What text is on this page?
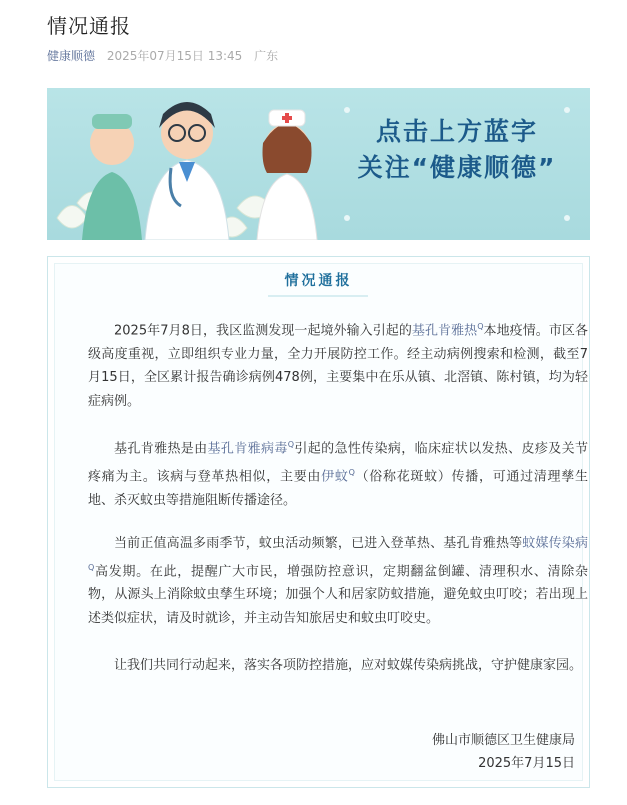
情况通报
健康顺德 2025年07月15日 13:45 广东
点击上方蓝字
关注“健康顺德”
情况通报
2025年7月8日，我区监测发现一起境外输入引起的基孔肯雅热$^Q$本地疫情。市区各级高度重视，立即组织专业力量，全力开展防控工作。经主动病例搜索和检测，截至7月15日，全区累计报告确诊病例478例，主要集中在乐从镇、北滘镇、陈村镇，均为轻症病例。
基孔肯雅热是由基孔肯雅病毒$^Q$引起的急性传染病，临床症状以发热、皮疹及关节疼痛为主。该病与登革热相似，主要由伊蚊$^Q$（俗称花斑蚊）传播，可通过清理孳生地、杀灭蚊虫等措施阻断传播途径。
当前正值高温多雨季节，蚊虫活动频繁，已进入登革热、基孔肯雅热等蚊媒传染病$^Q$高发期。在此，提醒广大市民，增强防控意识，定期翻盆倒罐、清理积水、清除杂物，从源头上消除蚊虫孳生环境；加强个人和居家防蚊措施，避免蚊虫叮咬；若出现上述类似症状，请及时就诊，并主动告知旅居史和蚊虫叮咬史。
让我们共同行动起来，落实各项防控措施，应对蚊媒传染病挑战，守护健康家园。
佛山市顺德区卫生健康局
2025年7月15日
